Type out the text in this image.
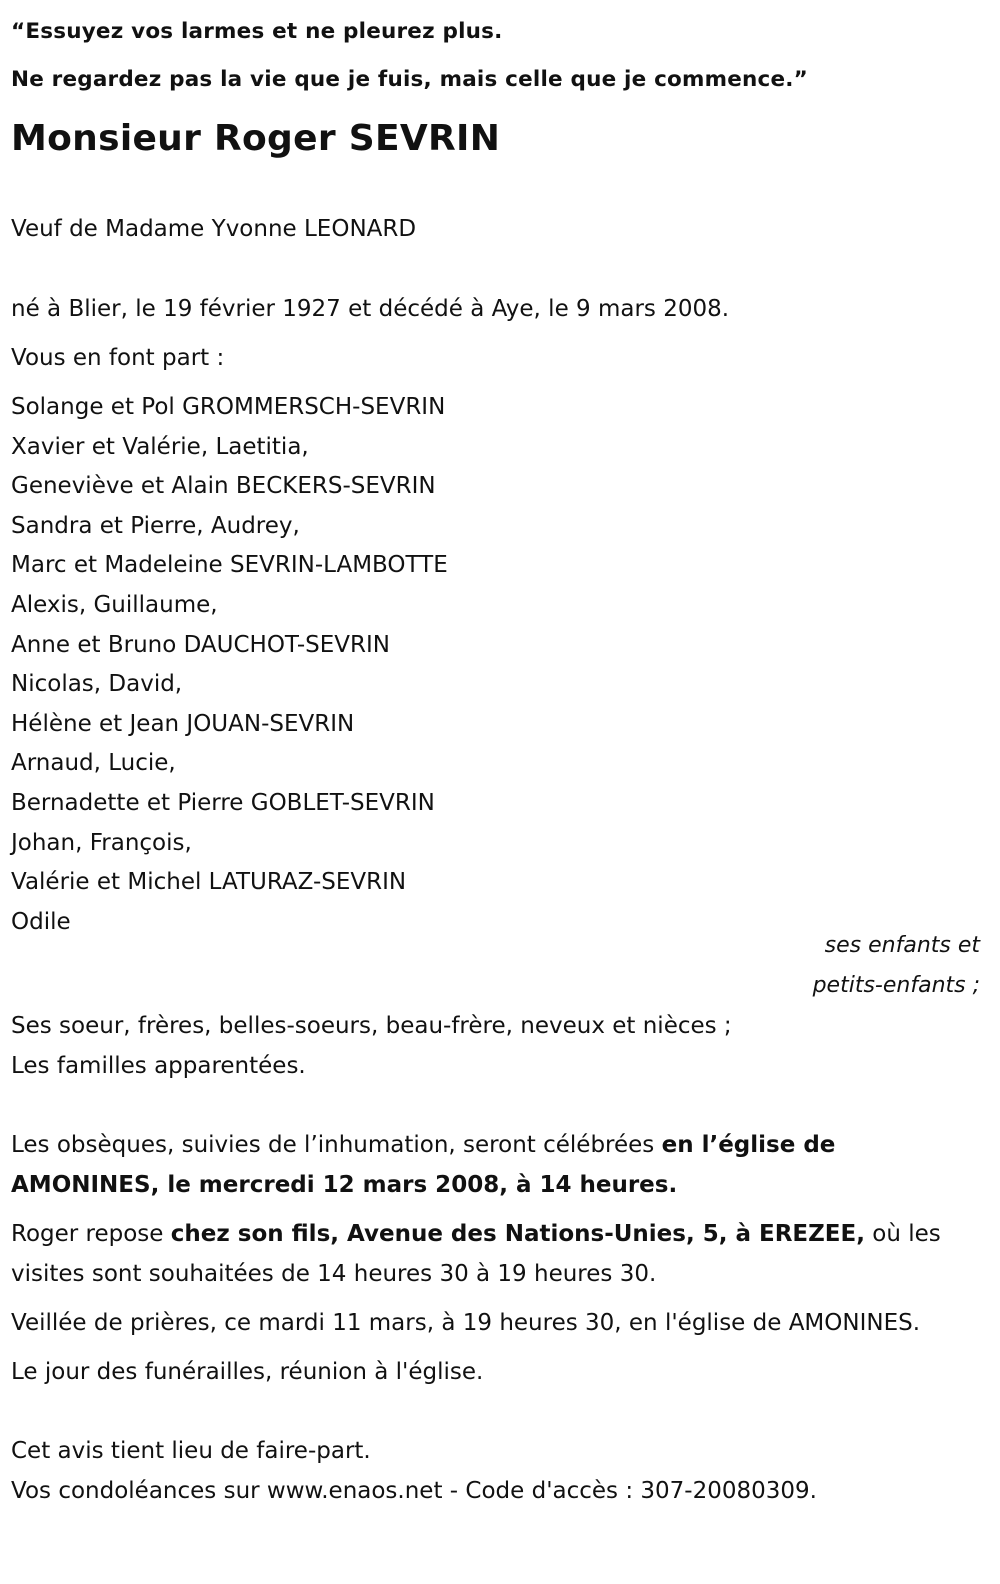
“Essuyez vos larmes et ne pleurez plus.

Ne regardez pas la vie que je fuis, mais celle que je commence.”

Monsieur Roger SEVRIN

Veuf de Madame Yvonne LEONARD

né à Blier, le 19 février 1927 et décédé à Aye, le 9 mars 2008.

Vous en font part :

Solange et Pol GROMMERSCH-SEVRIN
Xavier et Valérie, Laetitia,
Geneviève et Alain BECKERS-SEVRIN
Sandra et Pierre, Audrey,
Marc et Madeleine SEVRIN-LAMBOTTE
Alexis, Guillaume,
Anne et Bruno DAUCHOT-SEVRIN
Nicolas, David,
Hélène et Jean JOUAN-SEVRIN
Arnaud, Lucie,
Bernadette et Pierre GOBLET-SEVRIN
Johan, François,
Valérie et Michel LATURAZ-SEVRIN
Odile
ses enfants et
petits-enfants ;

Ses soeur, frères, belles-soeurs, beau-frère, neveux et nièces ;

Les familles apparentées.

Les obsèques, suivies de l’inhumation, seront célébrées en l’église de AMONINES, le mercredi 12 mars 2008, à 14 heures.

Roger repose chez son fils, Avenue des Nations-Unies, 5, à EREZEE, où les visites sont souhaitées de 14 heures 30 à 19 heures 30.

Veillée de prières, ce mardi 11 mars, à 19 heures 30, en l'église de AMONINES.

Le jour des funérailles, réunion à l'église.

Cet avis tient lieu de faire-part.

Vos condoléances sur www.enaos.net - Code d'accès : 307-20080309.
